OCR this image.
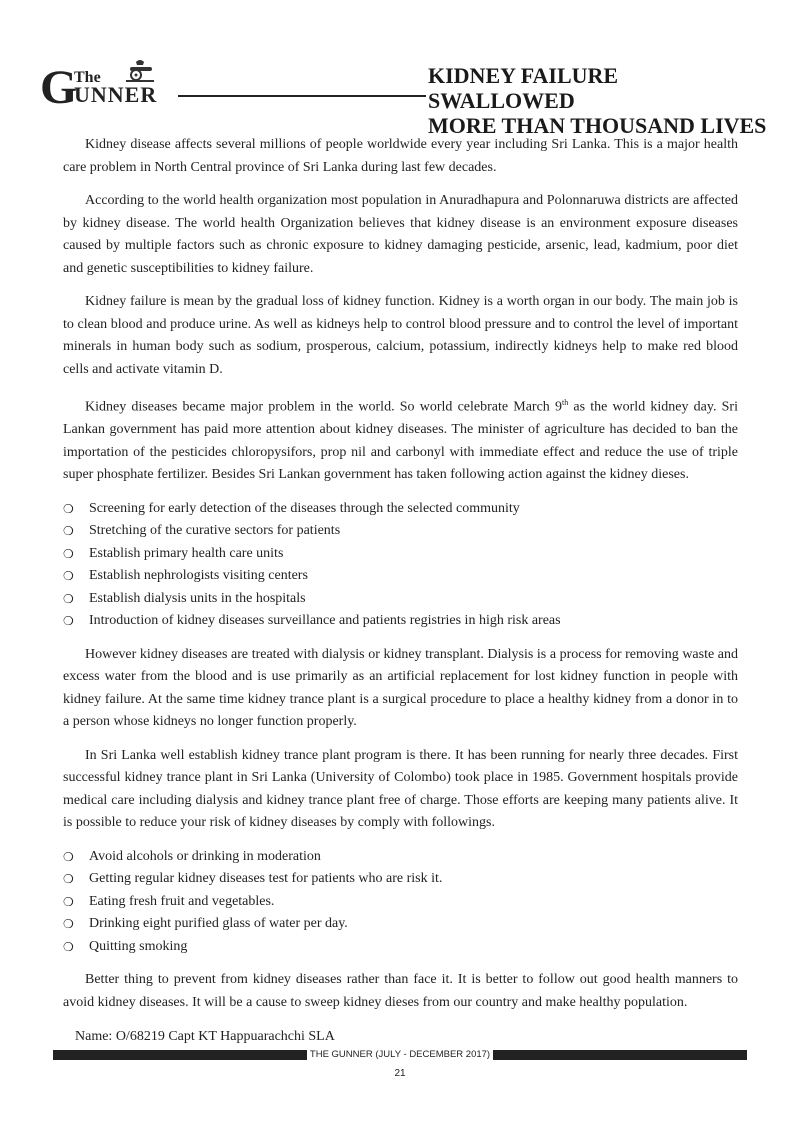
G
The
UNNER
KIDNEY FAILURE SWALLOWED
MORE THAN THOUSAND LIVES

Kidney disease affects several millions of people worldwide every year including Sri Lanka. This is a major health care problem in North Central province of Sri Lanka during last few decades.

According to the world health organization most population in Anuradhapura and Polonnaruwa districts are affected by kidney disease. The world health Organization believes that kidney disease is an environment exposure diseases caused by multiple factors such as chronic exposure to kidney damaging pesticide, arsenic, lead, kadmium, poor diet and genetic susceptibilities to kidney failure.

Kidney failure is mean by the gradual loss of kidney function. Kidney is a worth organ in our body. The main job is to clean blood and produce urine. As well as kidneys help to control blood pressure and to control the level of important minerals in human body such as sodium, prosperous, calcium, potassium, indirectly kidneys help to make red blood cells and activate vitamin D.

Kidney diseases became major problem in the world. So world celebrate March 9th as the world kidney day. Sri Lankan government has paid more attention about kidney diseases. The minister of agriculture has decided to ban the importation of the pesticides chloropysifors, prop nil and carbonyl with immediate effect and reduce the use of triple super phosphate fertilizer. Besides Sri Lankan government has taken following action against the kidney dieses.

❍ Screening for early detection of the diseases through the selected community
❍ Stretching of the curative sectors for patients
❍ Establish primary health care units
❍ Establish nephrologists visiting centers
❍ Establish dialysis units in the hospitals
❍ Introduction of kidney diseases surveillance and patients registries in high risk areas

However kidney diseases are treated with dialysis or kidney transplant. Dialysis is a process for removing waste and excess water from the blood and is use primarily as an artificial replacement for lost kidney function in people with kidney failure. At the same time kidney trance plant is a surgical procedure to place a healthy kidney from a donor in to a person whose kidneys no longer function properly.

In Sri Lanka well establish kidney trance plant program is there. It has been running for nearly three decades. First successful kidney trance plant in Sri Lanka (University of Colombo) took place in 1985. Government hospitals provide medical care including dialysis and kidney trance plant free of charge. Those efforts are keeping many patients alive. It is possible to reduce your risk of kidney diseases by comply with followings.

❍ Avoid alcohols or drinking in moderation
❍ Getting regular kidney diseases test for patients who are risk it.
❍ Eating fresh fruit and vegetables.
❍ Drinking eight purified glass of water per day.
❍ Quitting smoking

Better thing to prevent from kidney diseases rather than face it. It is better to follow out good health manners to avoid kidney diseases. It will be a cause to sweep kidney dieses from our country and make healthy population.

Name: O/68219 Capt KT Happuarachchi SLA
THE GUNNER (JULY - DECEMBER 2017)
21
